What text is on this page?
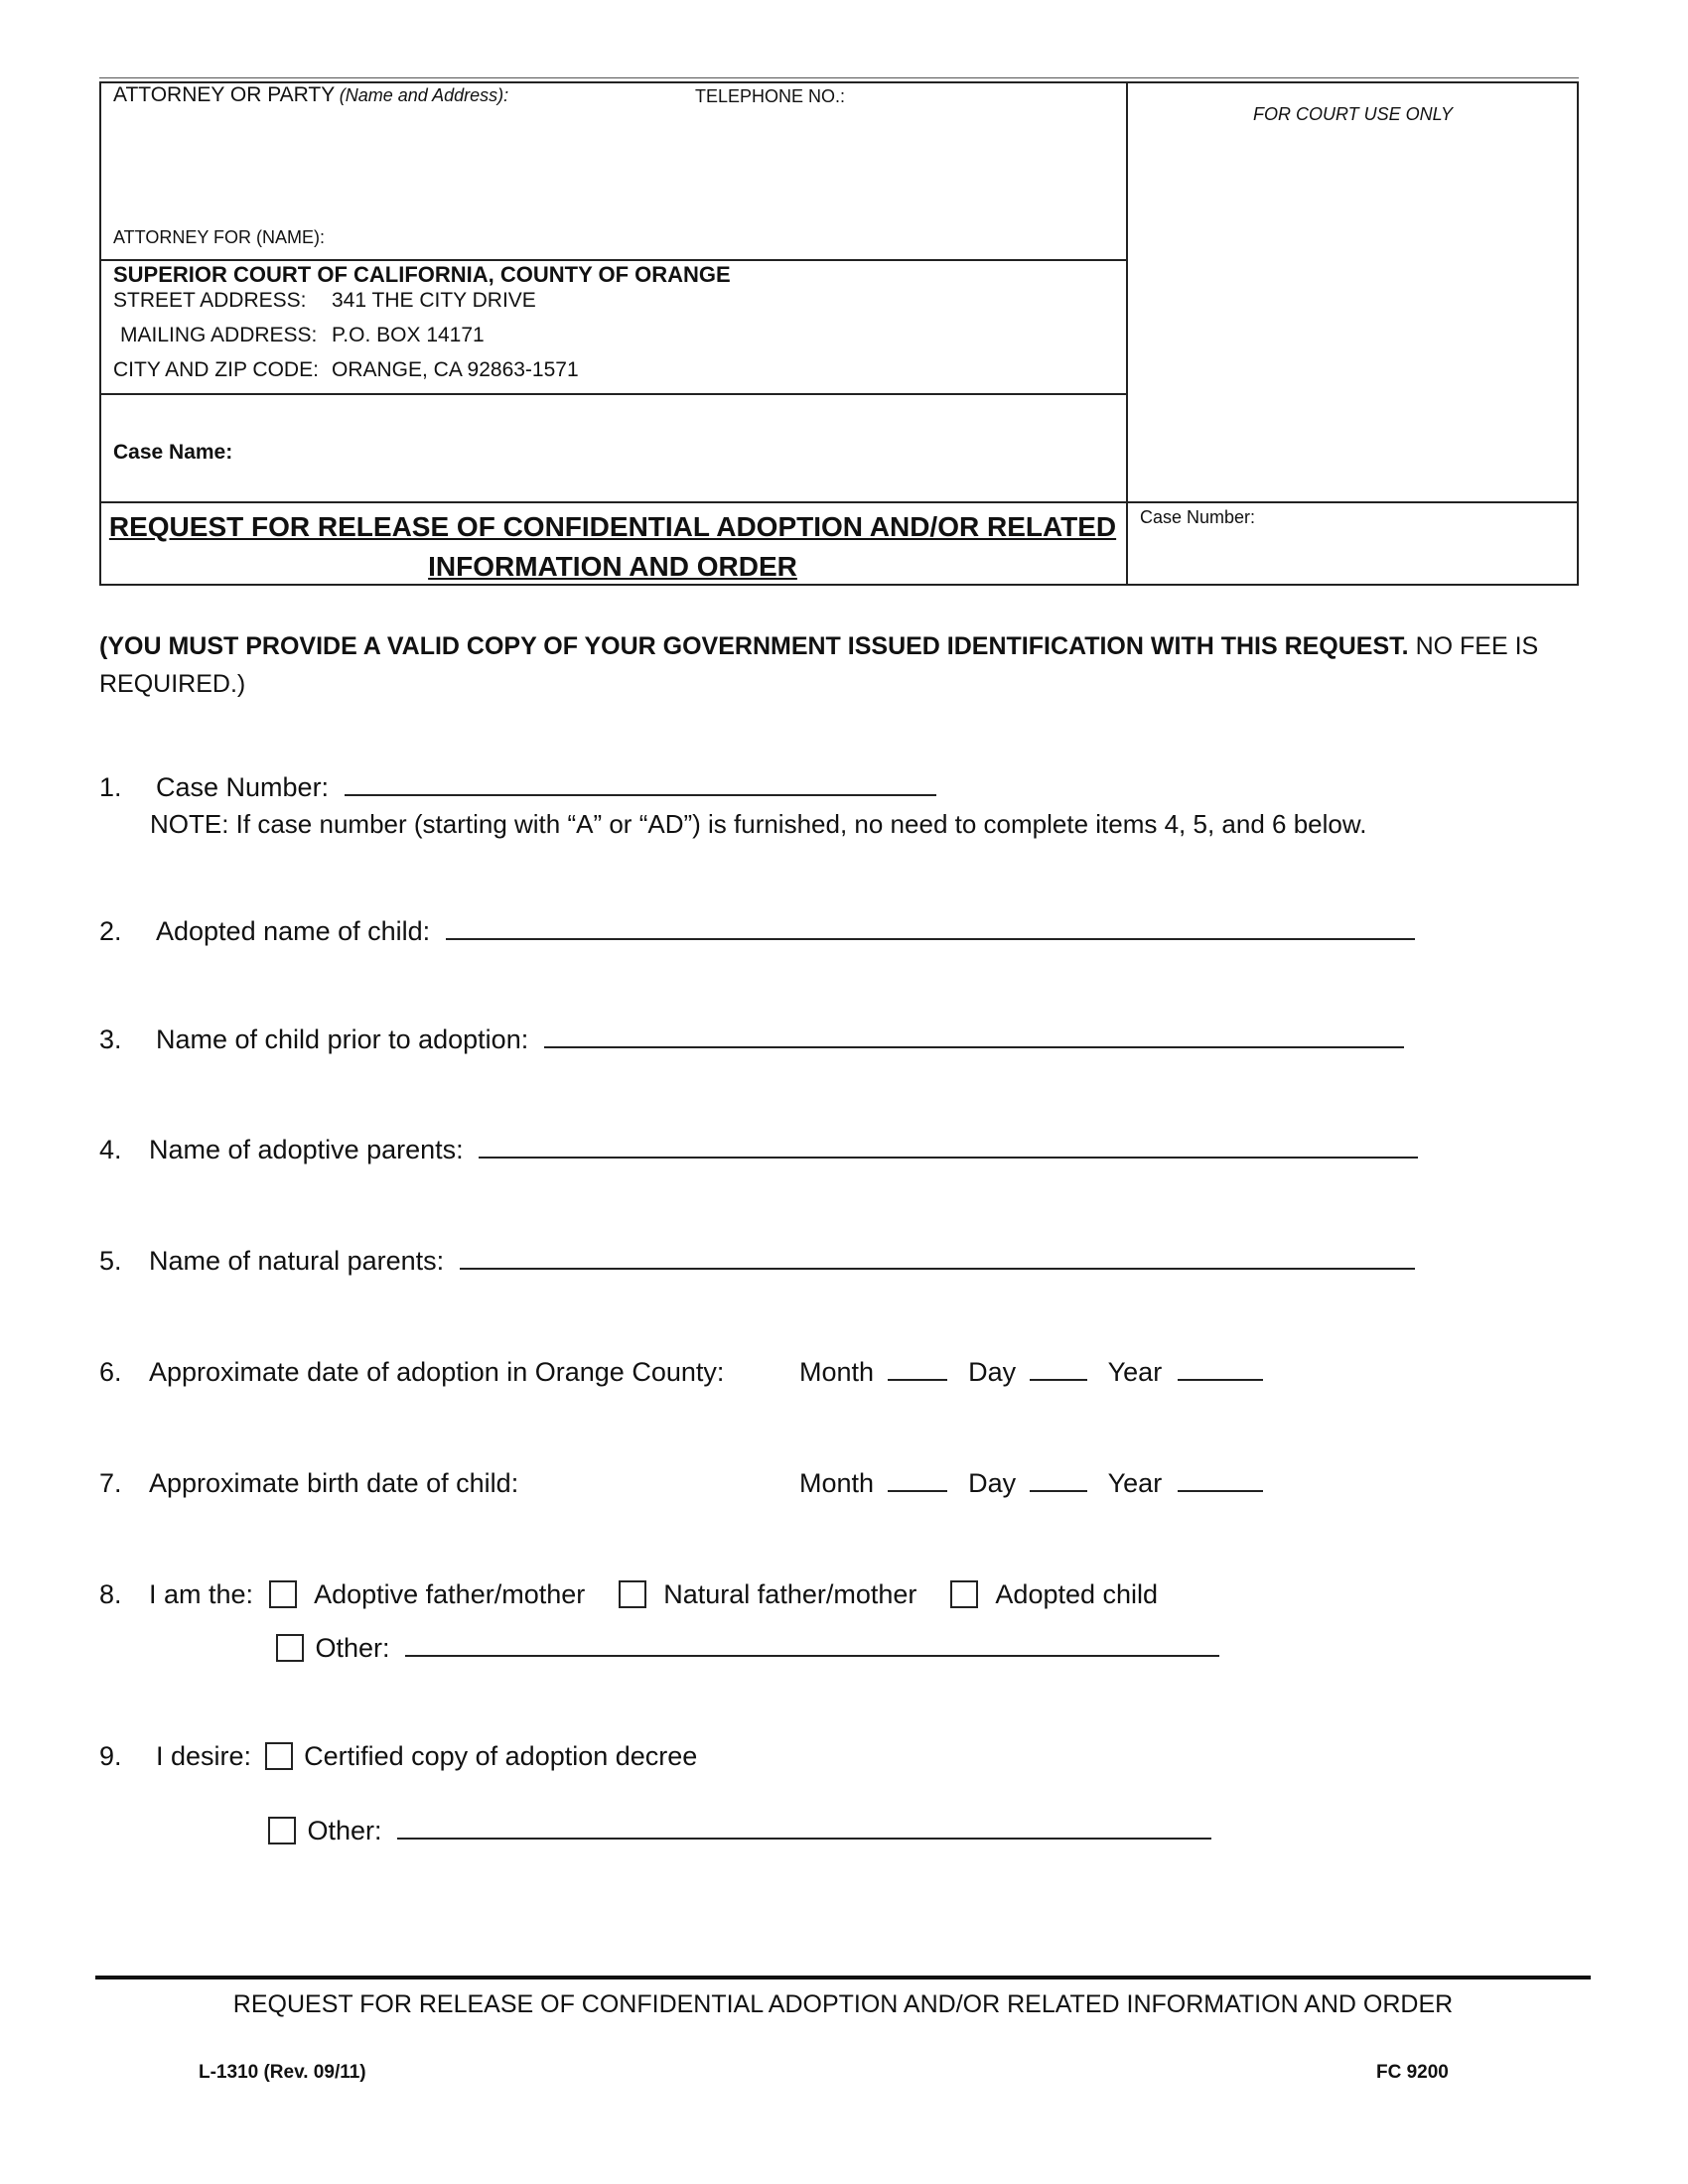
ATTORNEY OR PARTY (Name and Address):	TELEPHONE NO.:
FOR COURT USE ONLY
ATTORNEY FOR (NAME):
SUPERIOR COURT OF CALIFORNIA, COUNTY OF ORANGE
STREET ADDRESS: 341 THE CITY DRIVE
MAILING ADDRESS: P.O. BOX 14171
CITY AND ZIP CODE: ORANGE, CA 92863-1571
Case Name:
Case Number:
REQUEST FOR RELEASE OF CONFIDENTIAL ADOPTION AND/OR RELATED
INFORMATION AND ORDER
(YOU MUST PROVIDE A VALID COPY OF YOUR GOVERNMENT ISSUED IDENTIFICATION WITH THIS REQUEST. NO FEE IS
REQUIRED.)
1. Case Number:
NOTE: If case number (starting with “A” or “AD”) is furnished, no need to complete items 4, 5, and 6 below.
2. Adopted name of child:
3. Name of child prior to adoption:
4. Name of adoptive parents:
5. Name of natural parents:
6. Approximate date of adoption in Orange County:	Month	Day	Year
7. Approximate birth date of child:	Month	Day	Year
8. I am the: Adoptive father/mother	Natural father/mother	Adopted child
Other:
9. I desire: Certified copy of adoption decree
Other:
REQUEST FOR RELEASE OF CONFIDENTIAL ADOPTION AND/OR RELATED INFORMATION AND ORDER
L-1310 (Rev. 09/11)	FC 9200
